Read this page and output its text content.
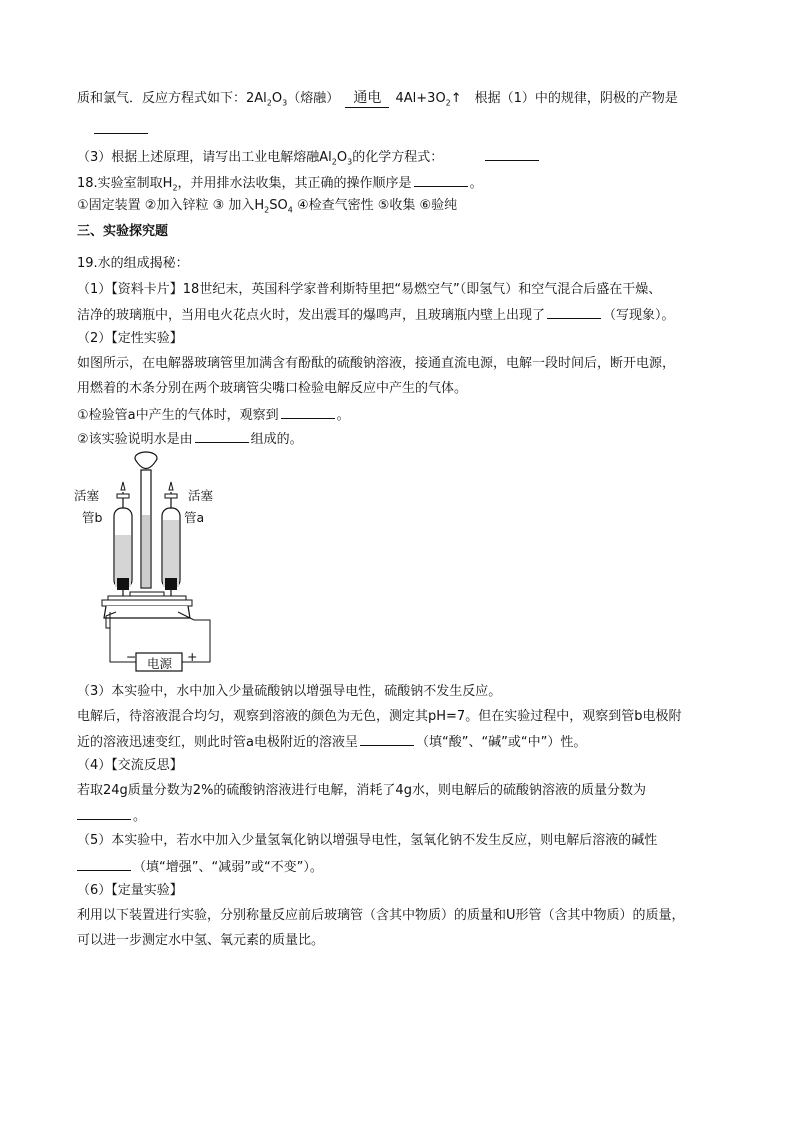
质和氯气．反应方程式如下：$2Al_2O_3$（熔融） 通电 $4Al+3O_2↑$　根据（1）中的规律，阴极的产物是
（3）根据上述原理，请写出工业电解熔融$Al_2O_3$的化学方程式：
18.实验室制取$H_2$，并用排水法收集，其正确的操作顺序是	。
①固定装置 ②加入锌粒 ③ 加入$H_2SO_4$ ④检查气密性 ⑤收集 ⑥验纯
三、实验探究题
19.水的组成揭秘：
（1）【资料卡片】18世纪末，英国科学家普利斯特里把“易燃空气”（即氢气）和空气混合后盛在干燥、
洁净的玻璃瓶中，当用电火花点火时，发出震耳的爆鸣声，且玻璃瓶内壁上出现了	（写现象）。
（2）【定性实验】
如图所示，在电解器玻璃管里加满含有酚酞的硫酸钠溶液，接通直流电源，电解一段时间后，断开电源，
用燃着的木条分别在两个玻璃管尖嘴口检验电解反应中产生的气体。
①检验管a中产生的气体时，观察到	。
②该实验说明水是由	组成的。
活塞	活塞
管b	管a
电源
−	+
（3）本实验中，水中加入少量硫酸钠以增强导电性，硫酸钠不发生反应。
电解后，待溶液混合均匀，观察到溶液的颜色为无色，测定其pH=7。但在实验过程中，观察到管b电极附
近的溶液迅速变红，则此时管a电极附近的溶液呈	（填“酸”、“碱”或“中”）性。
（4）【交流反思】
若取24g质量分数为2%的硫酸钠溶液进行电解，消耗了4g水，则电解后的硫酸钠溶液的质量分数为
。
（5）本实验中，若水中加入少量氢氧化钠以增强导电性，氢氧化钠不发生反应，则电解后溶液的碱性
（填“增强”、“减弱”或“不变”）。
（6）【定量实验】
利用以下装置进行实验，分别称量反应前后玻璃管（含其中物质）的质量和U形管（含其中物质）的质量，
可以进一步测定水中氢、氧元素的质量比。
